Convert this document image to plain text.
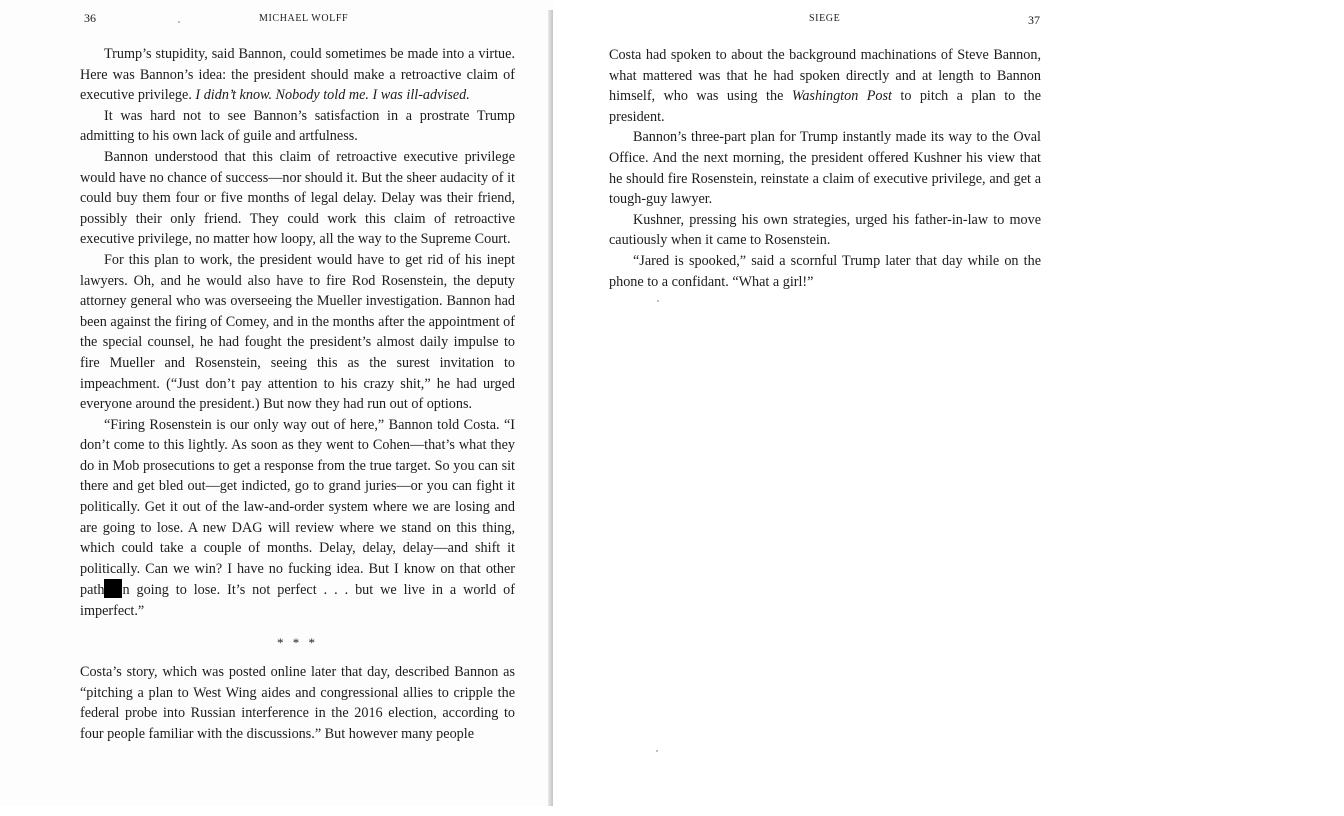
36	MICHAEL WOLFF

Trump’s stupidity, said Bannon, could sometimes be made into a virtue. Here was Bannon’s idea: the president should make a retroactive claim of executive privilege. I didn’t know. Nobody told me. I was ill-advised.

It was hard not to see Bannon’s satisfaction in a prostrate Trump admitting to his own lack of guile and artfulness.

Bannon understood that this claim of retroactive executive privilege would have no chance of success—nor should it. But the sheer audacity of it could buy them four or five months of legal delay. Delay was their friend, possibly their only friend. They could work this claim of retroactive executive privilege, no matter how loopy, all the way to the Supreme Court.

For this plan to work, the president would have to get rid of his inept lawyers. Oh, and he would also have to fire Rod Rosenstein, the deputy attorney general who was overseeing the Mueller investigation. Bannon had been against the firing of Comey, and in the months after the appointment of the special counsel, he had fought the president’s almost daily impulse to fire Mueller and Rosenstein, seeing this as the surest invitation to impeachment. (“Just don’t pay attention to his crazy shit,” he had urged everyone around the president.) But now they had run out of options.

“Firing Rosenstein is our only way out of here,” Bannon told Costa. “I don’t come to this lightly. As soon as they went to Cohen—that’s what they do in Mob prosecutions to get a response from the true target. So you can sit there and get bled out—get indicted, go to grand juries—or you can fight it politically. Get it out of the law-and-order system where we are losing and are going to lose. A new DAG will review where we stand on this thing, which could take a couple of months. Delay, delay, delay—and shift it politically. Can we win? I have no fucking idea. But I know on that other path n going to lose. It’s not perfect . . . but we live in a world of imperfect.”

* * *

Costa’s story, which was posted online later that day, described Bannon as “pitching a plan to West Wing aides and congressional allies to cripple the federal probe into Russian interference in the 2016 election, according to four people familiar with the discussions.” But however many people

SIEGE	37

Costa had spoken to about the background machinations of Steve Bannon, what mattered was that he had spoken directly and at length to Bannon himself, who was using the Washington Post to pitch a plan to the president.

Bannon’s three-part plan for Trump instantly made its way to the Oval Office. And the next morning, the president offered Kushner his view that he should fire Rosenstein, reinstate a claim of executive privilege, and get a tough-guy lawyer.

Kushner, pressing his own strategies, urged his father-in-law to move cautiously when it came to Rosenstein.

“Jared is spooked,” said a scornful Trump later that day while on the phone to a confidant. “What a girl!”
